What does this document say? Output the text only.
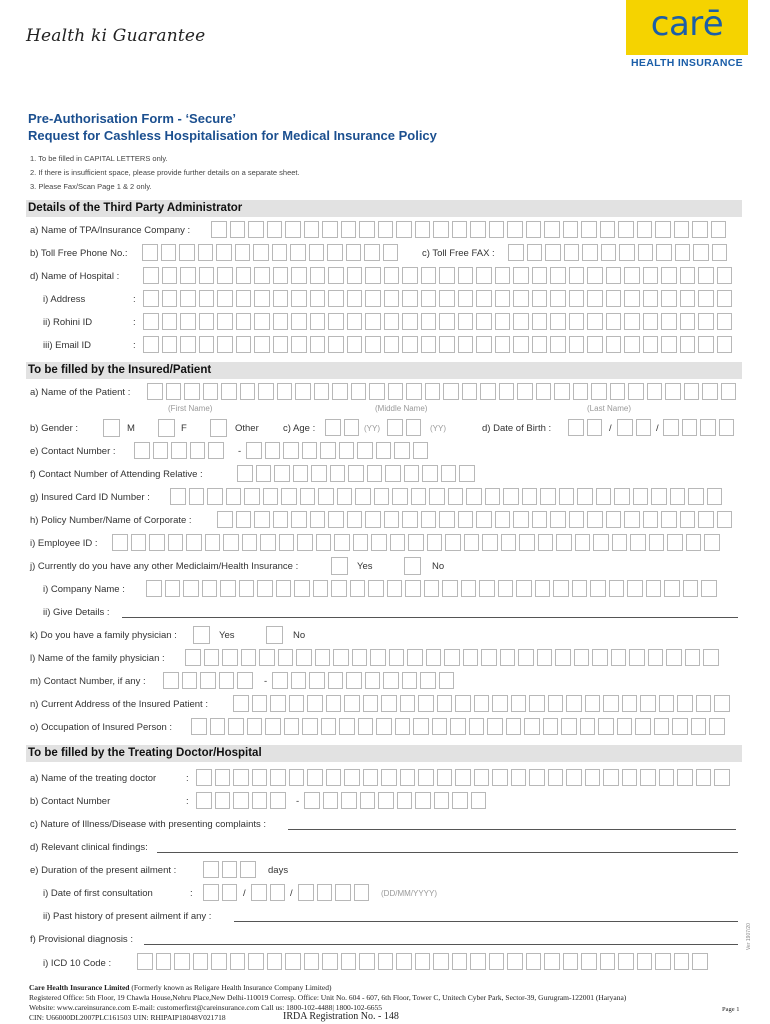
Health ki Guarantee	carē
HEALTH INSURANCE
Pre-Authorisation Form - ‘Secure’
Request for Cashless Hospitalisation for Medical Insurance Policy
1. To be filled in CAPITAL LETTERS only.
2. If there is insufficient space, please provide further details on a separate sheet.
3. Please Fax/Scan Page 1 & 2 only.
Details of the Third Party Administrator
a) Name of TPA/Insurance Company :
b) Toll Free Phone No.:	c) Toll Free FAX :
d) Name of Hospital :
i) Address	:
ii) Rohini ID	:
iii) Email ID	:
To be filled by the Insured/Patient
a) Name of the Patient :
(First Name)	(Middle Name)	(Last Name)
b) Gender :	M	F	Other	c) Age :	(YY)	(YY)	d) Date of Birth :	/	/
e) Contact Number :	-
f) Contact Number of Attending Relative :
g) Insured Card ID Number :
h) Policy Number/Name of Corporate :
i) Employee ID :
j) Currently do you have any other Mediclaim/Health Insurance :	Yes	No
i) Company Name :
ii) Give Details :
k) Do you have a family physician :	Yes	No
l) Name of the family physician :
m) Contact Number, if any :	-
n) Current Address of the Insured Patient :
o) Occupation of Insured Person :
To be filled by the Treating Doctor/Hospital
a) Name of the treating doctor	:
b) Contact Number	:	-
c) Nature of Illness/Disease with presenting complaints :
d) Relevant clinical findings:
e) Duration of the present ailment :	days
i) Date of first consultation	:	/	/	(DD/MM/YYYY)
ii) Past history of present ailment if any :
f) Provisional diagnosis :
i) ICD 10 Code :
Ver 1907/20
Care Health Insurance Limited (Formerly known as Religare Health Insurance Company Limited)
Registered Office: 5th Floor, 19 Chawla House,Nehru Place,New Delhi-110019 Corresp. Office: Unit No. 604 - 607, 6th Floor, Tower C, Unitech Cyber Park, Sector-39, Gurugram-122001 (Haryana)
Website: www.careinsurance.com E-mail: customerfirst@careinsurance.com Call us: 1800-102-4488| 1800-102-6655
CIN: U66000DL2007PLC161503 UIN: RHIPAIP18048V021718	IRDA Registration No. - 148
Page 1
